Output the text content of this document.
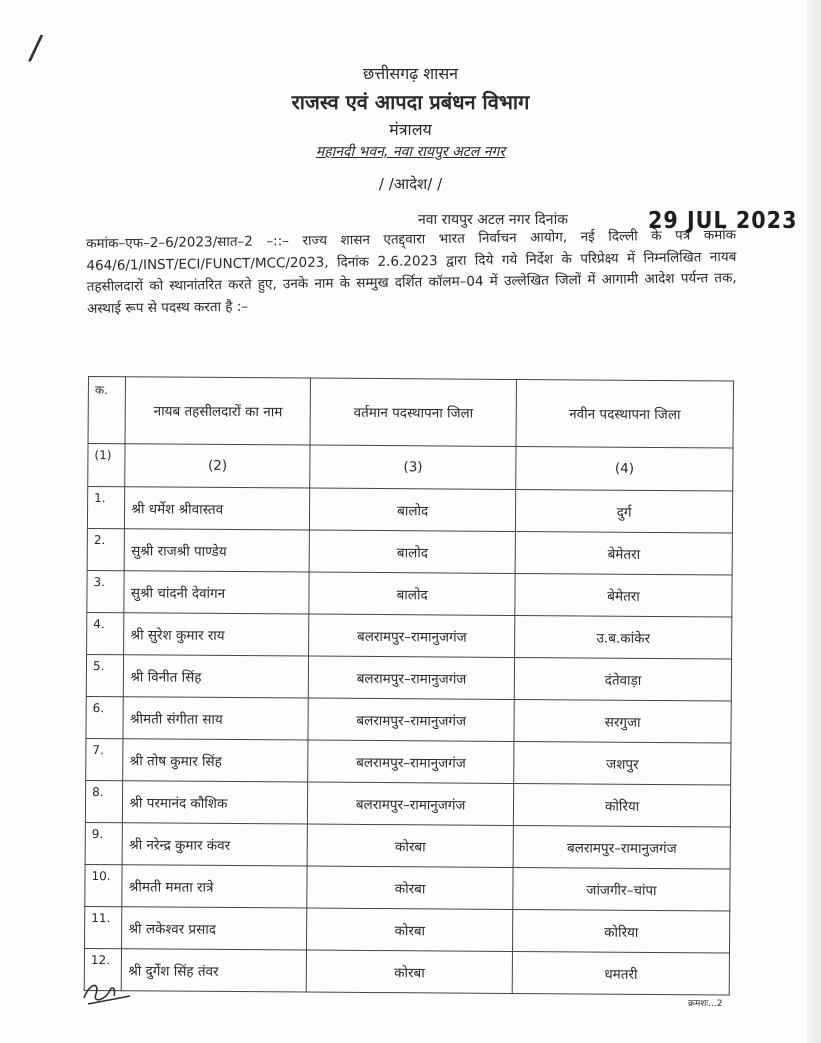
/
छत्तीसगढ़ शासन
राजस्व एवं आपदा प्रबंधन विभाग
मंत्रालय
महानदी भवन, नवा रायपुर अटल नगर
/ /आदेश/ /
नवा रायपुर अटल नगर दिनांक	29 JUL 2023
कमांक–एफ–2–6/2023/सात–2 –::– राज्य शासन एतद्द्वारा भारत निर्वाचन आयोग, नई दिल्ली के पत्र कमांक 464/6/1/INST/ECI/FUNCT/MCC/2023, दिनांक 2.6.2023 द्वारा दिये गये निर्देश के परिप्रेक्ष्य में निम्नलिखित नायब तहसीलदारों को स्थानांतरित करते हुए, उनके नाम के सम्मुख दर्शित कॉलम–04 में उल्लेखित जिलों में आगामी आदेश पर्यन्त तक, अस्थाई रूप से पदस्थ करता है :–
क.	नायब तहसीलदारों का नाम	वर्तमान पदस्थापना जिला	नवीन पदस्थापना जिला
(1)	(2)	(3)	(4)
1.	श्री धर्मेश श्रीवास्तव	बालोद	दुर्ग
2.	सुश्री राजश्री पाण्डेय	बालोद	बेमेतरा
3.	सुश्री चांदनी देवांगन	बालोद	बेमेतरा
4.	श्री सुरेश कुमार राय	बलरामपुर–रामानुजगंज	उ.ब.कांकेर
5.	श्री विनीत सिंह	बलरामपुर–रामानुजगंज	दंतेवाड़ा
6.	श्रीमती संगीता साय	बलरामपुर–रामानुजगंज	सरगुजा
7.	श्री तोष कुमार सिंह	बलरामपुर–रामानुजगंज	जशपुर
8.	श्री परमानंद कौशिक	बलरामपुर–रामानुजगंज	कोरिया
9.	श्री नरेन्द्र कुमार कंवर	कोरबा	बलरामपुर–रामानुजगंज
10.	श्रीमती ममता रात्रे	कोरबा	जांजगीर–चांपा
11.	श्री लकेश्वर प्रसाद	कोरबा	कोरिया
12.	श्री दुर्गेश सिंह तंवर	कोरबा	धमतरी
क्रमशः...2
